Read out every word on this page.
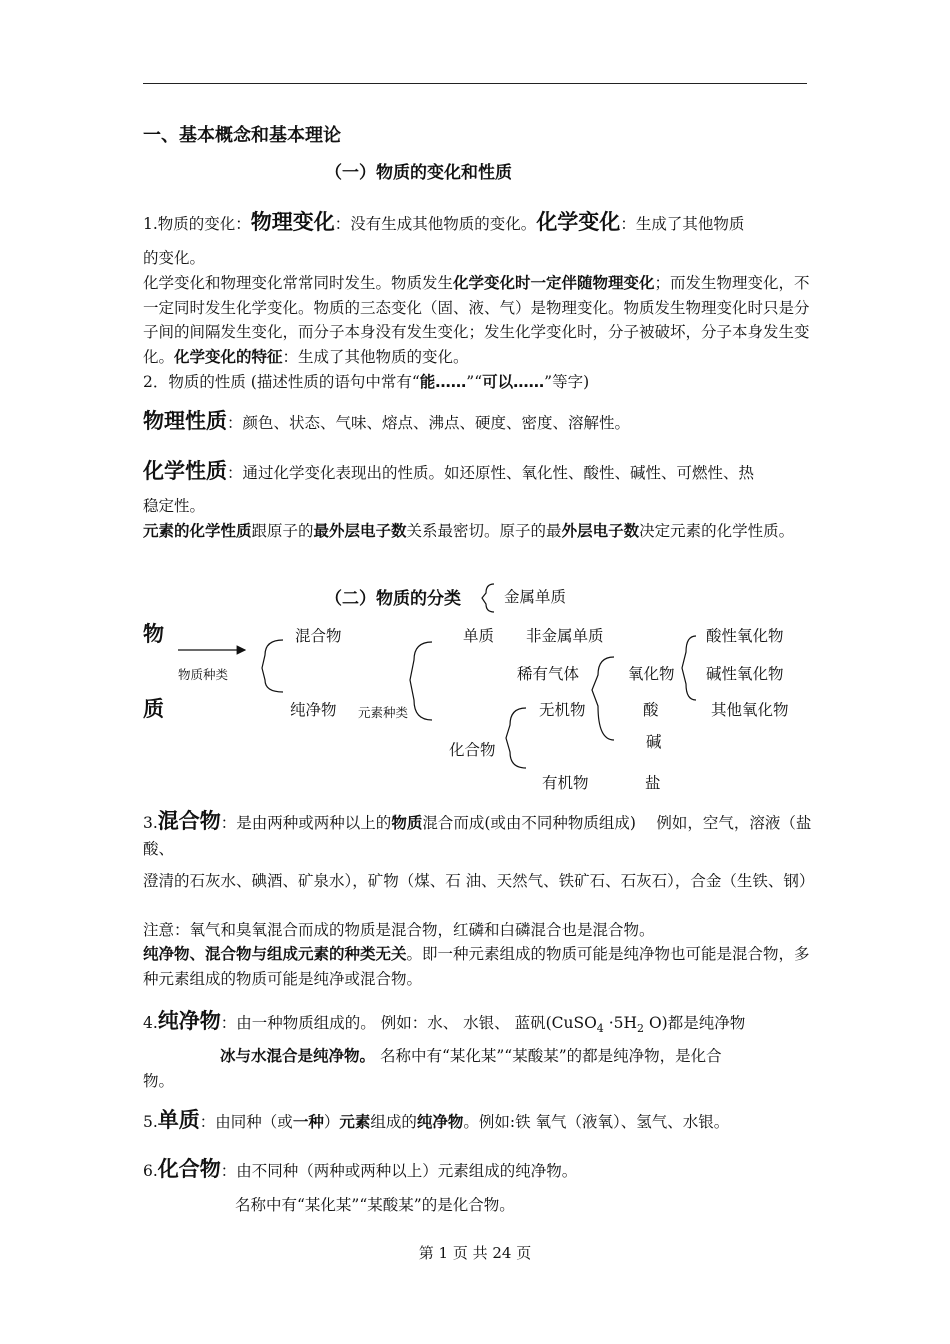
一、基本概念和基本理论
（一）物质的变化和性质
1.物质的变化：物理变化：没有生成其他物质的变化。化学变化：生成了其他物质
的变化。
化学变化和物理变化常常同时发生。物质发生化学变化时一定伴随物理变化；而发生物理变化，不一定同时发生化学变化。物质的三态变化（固、液、气）是物理变化。物质发生物理变化时只是分子间的间隔发生变化，而分子本身没有发生变化；发生化学变化时，分子被破坏，分子本身发生变化。化学变化的特征：生成了其他物质的变化。
2．物质的性质 (描述性质的语句中常有“能……”“可以……”等字)
物理性质：颜色、状态、气味、熔点、沸点、硬度、密度、溶解性。
化学性质：通过化学变化表现出的性质。如还原性、氧化性、酸性、碱性、可燃性、热
稳定性。
元素的化学性质跟原子的最外层电子数关系最密切。原子的最外层电子数决定元素的化学性质。
（二）物质的分类
物
质
物质种类
混合物
纯净物 元素种类
单质
化合物
金属单质
非金属单质
稀有气体
无机物
有机物
氧化物
酸
碱
盐
酸性氧化物
碱性氧化物
其他氧化物
3.混合物：是由两种或两种以上的物质混合而成(或由不同种物质组成)　 例如，空气，溶液（盐酸、
澄清的石灰水、碘酒、矿泉水），矿物（煤、石 油、天然气、铁矿石、石灰石），合金（生铁、钢）
注意：氧气和臭氧混合而成的物质是混合物，红磷和白磷混合也是混合物。
纯净物、混合物与组成元素的种类无关。即一种元素组成的物质可能是纯净物也可能是混合物，多种元素组成的物质可能是纯净或混合物。
4.纯净物：由一种物质组成的。 例如：水、 水银、 蓝矾(CuSO$_4$ $\cdot 5H_2$ O)都是纯净物
冰与水混合是纯净物。 名称中有“某化某”“某酸某”的都是纯净物，是化合
物。
5.单质：由同种（或一种）元素组成的纯净物。例如:铁 氧气（液氧）、氢气、水银。
6.化合物：由不同种（两种或两种以上）元素组成的纯净物。
名称中有“某化某”“某酸某”的是化合物。
第 1 页 共 24 页
